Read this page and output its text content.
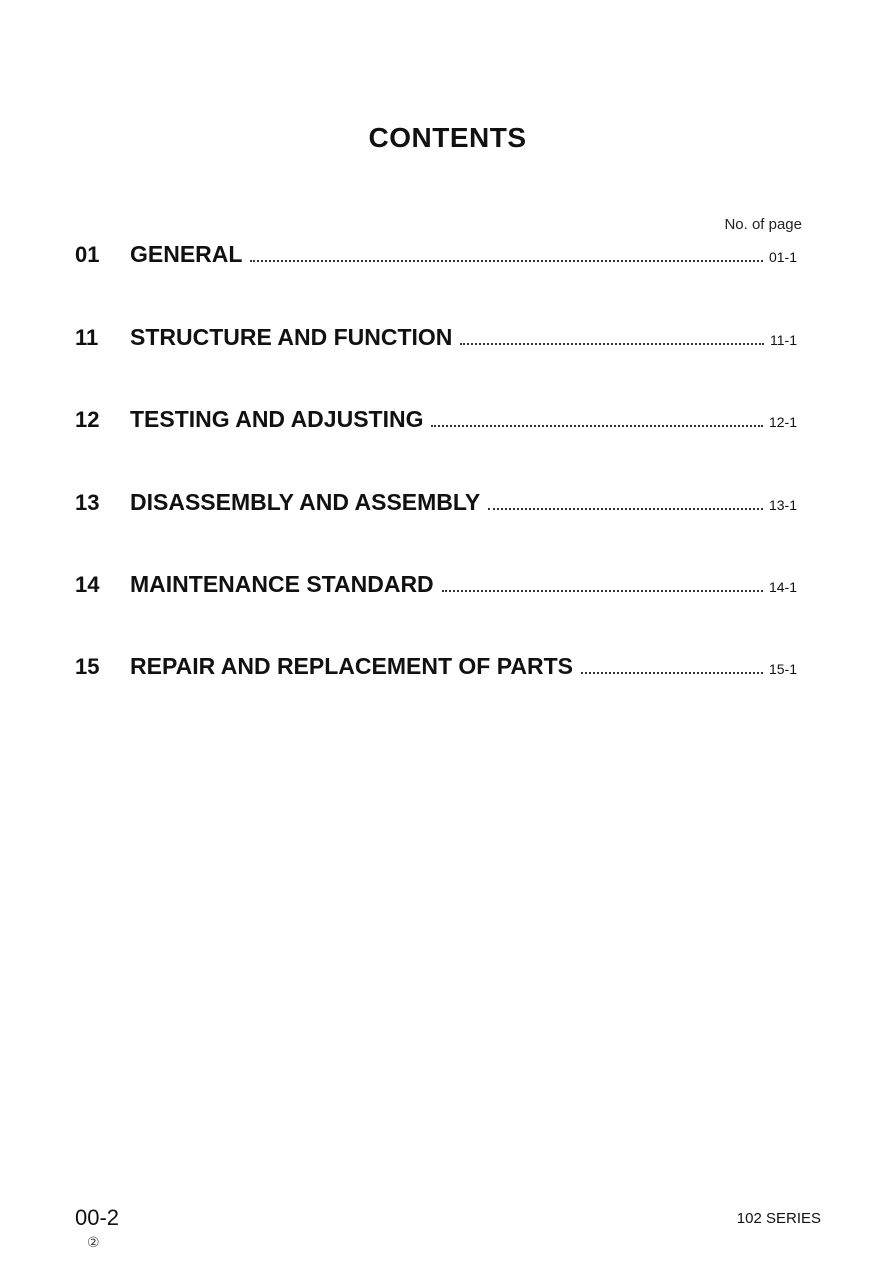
CONTENTS
No. of page
01	GENERAL	01-1
11	STRUCTURE AND FUNCTION	11-1
12	TESTING AND ADJUSTING	12-1
13	DISASSEMBLY AND ASSEMBLY	13-1
14	MAINTENANCE STANDARD	14-1
15	REPAIR AND REPLACEMENT OF PARTS	15-1
00-2
②
102 SERIES
